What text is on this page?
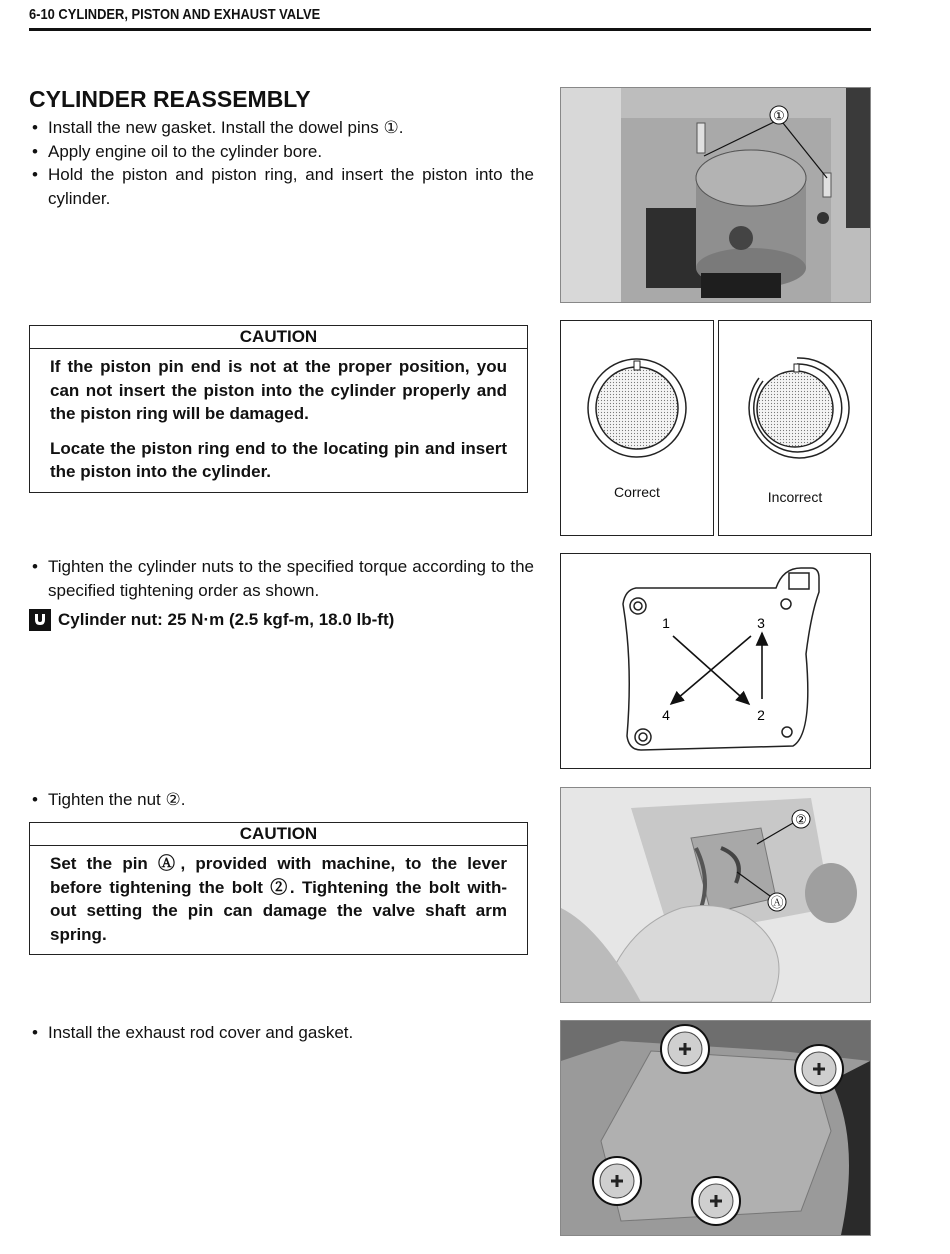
6-10 CYLINDER, PISTON AND EXHAUST VALVE
CYLINDER REASSEMBLY
• Install the new gasket. Install the dowel pins ①.
• Apply engine oil to the cylinder bore.
• Hold the piston and piston ring, and insert the piston into the cylinder.
CAUTION

If the piston pin end is not at the proper position, you can not insert the piston into the cylinder properly and the piston ring will be damaged.

Locate the piston ring end to the locating pin and insert the piston into the cylinder.

• Tighten the cylinder nuts to the specified torque according to the specified tightening order as shown.
Cylinder nut: 25 N·m (2.5 kgf-m, 18.0 lb-ft)
• Tighten the nut ②.
CAUTION

Set the pin Ⓐ, provided with machine, to the lever before tightening the bolt ②. Tightening the bolt with-out setting the pin can damage the valve shaft arm spring.

• Install the exhaust rod cover and gasket.
①
Correct	Incorrect
1	3
4	2
②
Ⓐ
